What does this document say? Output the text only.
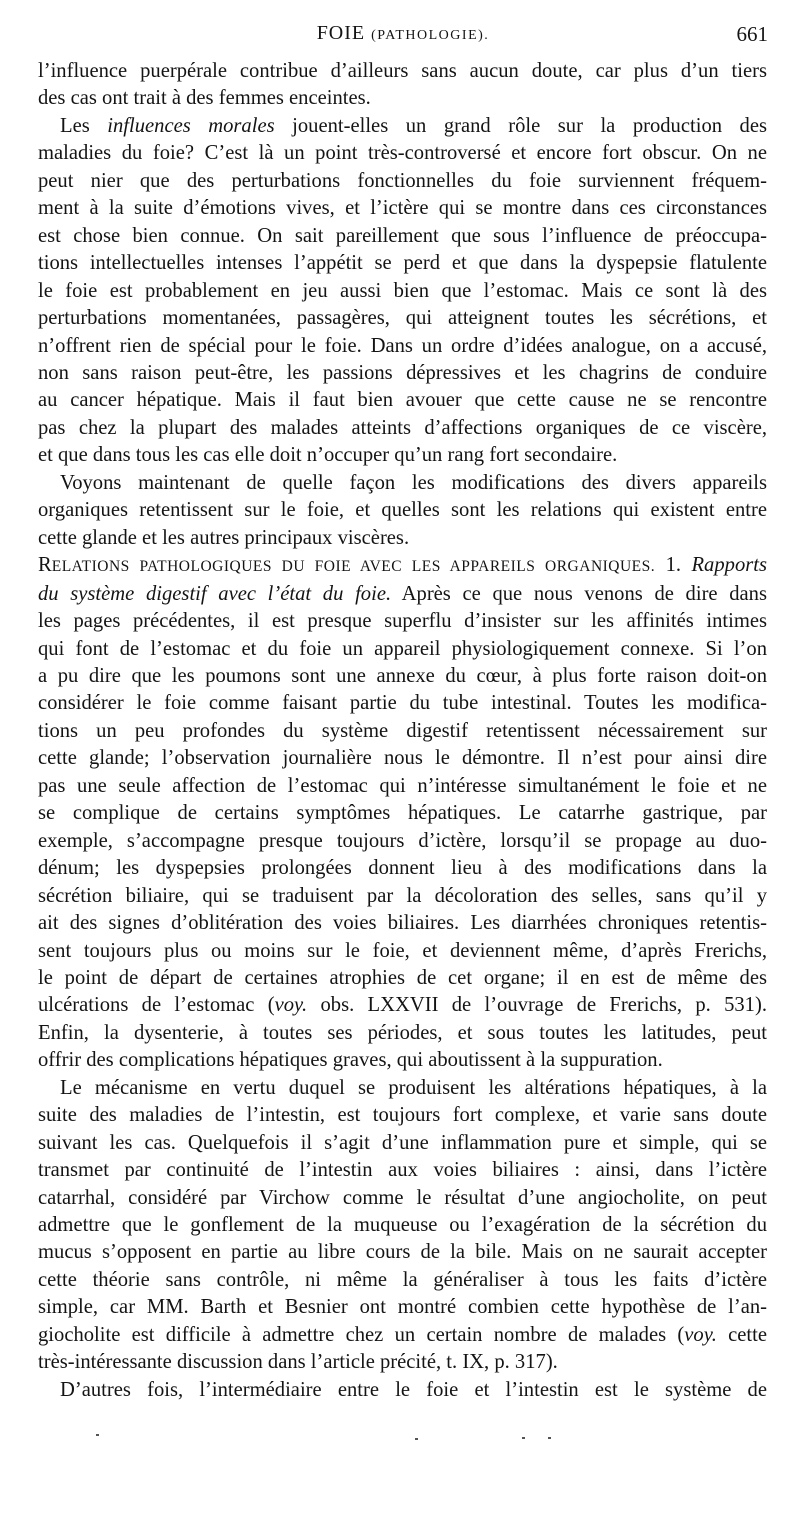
FOIE (PATHOLOGIE).	661

l’influence puerpérale contribue d’ailleurs sans aucun doute, car plus d’un tiers

des cas ont trait à des femmes enceintes.

Les influences morales jouent-elles un grand rôle sur la production des

maladies du foie? C’est là un point très-controversé et encore fort obscur. On ne

peut nier que des perturbations fonctionnelles du foie surviennent fréquem-

ment à la suite d’émotions vives, et l’ictère qui se montre dans ces circonstances

est chose bien connue. On sait pareillement que sous l’influence de préoccupa-

tions intellectuelles intenses l’appétit se perd et que dans la dyspepsie flatulente

le foie est probablement en jeu aussi bien que l’estomac. Mais ce sont là des

perturbations momentanées, passagères, qui atteignent toutes les sécrétions, et

n’offrent rien de spécial pour le foie. Dans un ordre d’idées analogue, on a accusé,

non sans raison peut-être, les passions dépressives et les chagrins de conduire

au cancer hépatique. Mais il faut bien avouer que cette cause ne se rencontre

pas chez la plupart des malades atteints d’affections organiques de ce viscère,

et que dans tous les cas elle doit n’occuper qu’un rang fort secondaire.

Voyons maintenant de quelle façon les modifications des divers appareils

organiques retentissent sur le foie, et quelles sont les relations qui existent entre

cette glande et les autres principaux viscères.

RELATIONS PATHOLOGIQUES DU FOIE AVEC LES APPAREILS ORGANIQUES. 1. Rapports

du système digestif avec l’état du foie. Après ce que nous venons de dire dans

les pages précédentes, il est presque superflu d’insister sur les affinités intimes

qui font de l’estomac et du foie un appareil physiologiquement connexe. Si l’on

a pu dire que les poumons sont une annexe du cœur, à plus forte raison doit-on

considérer le foie comme faisant partie du tube intestinal. Toutes les modifica-

tions un peu profondes du système digestif retentissent nécessairement sur

cette glande; l’observation journalière nous le démontre. Il n’est pour ainsi dire

pas une seule affection de l’estomac qui n’intéresse simultanément le foie et ne

se complique de certains symptômes hépatiques. Le catarrhe gastrique, par

exemple, s’accompagne presque toujours d’ictère, lorsqu’il se propage au duo-

dénum; les dyspepsies prolongées donnent lieu à des modifications dans la

sécrétion biliaire, qui se traduisent par la décoloration des selles, sans qu’il y

ait des signes d’oblitération des voies biliaires. Les diarrhées chroniques retentis-

sent toujours plus ou moins sur le foie, et deviennent même, d’après Frerichs,

le point de départ de certaines atrophies de cet organe; il en est de même des

ulcérations de l’estomac (voy. obs. LXXVII de l’ouvrage de Frerichs, p. 531).

Enfin, la dysenterie, à toutes ses périodes, et sous toutes les latitudes, peut

offrir des complications hépatiques graves, qui aboutissent à la suppuration.

Le mécanisme en vertu duquel se produisent les altérations hépatiques, à la

suite des maladies de l’intestin, est toujours fort complexe, et varie sans doute

suivant les cas. Quelquefois il s’agit d’une inflammation pure et simple, qui se

transmet par continuité de l’intestin aux voies biliaires : ainsi, dans l’ictère

catarrhal, considéré par Virchow comme le résultat d’une angiocholite, on peut

admettre que le gonflement de la muqueuse ou l’exagération de la sécrétion du

mucus s’opposent en partie au libre cours de la bile. Mais on ne saurait accepter

cette théorie sans contrôle, ni même la généraliser à tous les faits d’ictère

simple, car MM. Barth et Besnier ont montré combien cette hypothèse de l’an-

giocholite est difficile à admettre chez un certain nombre de malades (voy. cette

très-intéressante discussion dans l’article précité, t. IX, p. 317).

D’autres fois, l’intermédiaire entre le foie et l’intestin est le système de
